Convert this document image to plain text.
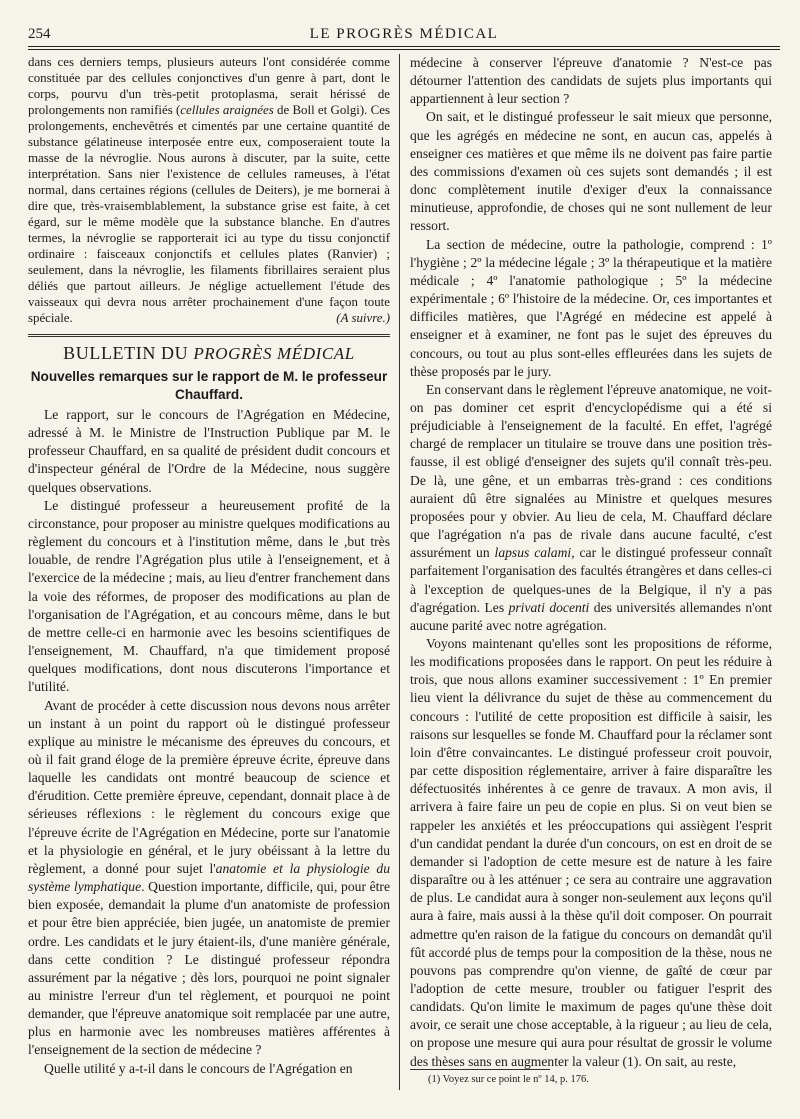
254	LE PROGRÈS MÉDICAL
dans ces derniers temps, plusieurs auteurs l'ont considérée comme constituée par des cellules conjonctives d'un genre à part, dont le corps, pourvu d'un très-petit protoplasma, serait hérissé de prolongements non ramifiés (cellules araignées de Boll et Golgi). Ces prolongements, enchevêtrés et cimentés par une certaine quantité de substance gélatineuse interposée entre eux, composeraient toute la masse de la névroglie. Nous aurons à discuter, par la suite, cette interprétation. Sans nier l'existence de cellules rameuses, à l'état normal, dans certaines régions (cellules de Deiters), je me bornerai à dire que, très-vraisemblablement, la substance grise est faite, à cet égard, sur le même modèle que la substance blanche. En d'autres termes, la névroglie se rapporterait ici au type du tissu conjonctif ordinaire : faisceaux conjonctifs et cellules plates (Ranvier) ; seulement, dans la névroglie, les filaments fibrillaires seraient plus déliés que partout ailleurs. Je néglige actuellement l'étude des vaisseaux qui devra nous arrêter prochainement d'une façon toute spéciale.	(A suivre.)
BULLETIN DU PROGRÈS MÉDICAL
Nouvelles remarques sur le rapport de M. le professeur Chauffard.

Le rapport, sur le concours de l'Agrégation en Médecine, adressé à M. le Ministre de l'Instruction Publique par M. le professeur Chauffard, en sa qualité de président dudit concours et d'inspecteur général de l'Ordre de la Médecine, nous suggère quelques observations.

Le distingué professeur a heureusement profité de la circonstance, pour proposer au ministre quelques modifications au règlement du concours et à l'institution même, dans le ,but très louable, de rendre l'Agrégation plus utile à l'enseignement, et à l'exercice de la médecine ; mais, au lieu d'entrer franchement dans la voie des réformes, de proposer des modifications au plan de l'organisation de l'Agrégation, et au concours même, dans le but de mettre celle-ci en harmonie avec les besoins scientifiques de l'enseignement, M. Chauffard, n'a que timidement proposé quelques modifications, dont nous discuterons l'importance et l'utilité.

Avant de procéder à cette discussion nous devons nous arrêter un instant à un point du rapport où le distingué professeur explique au ministre le mécanisme des épreuves du concours, et où il fait grand éloge de la première épreuve écrite, épreuve dans laquelle les candidats ont montré beaucoup de science et d'érudition. Cette première épreuve, cependant, donnait place à de sérieuses réflexions : le règlement du concours exige que l'épreuve écrite de l'Agrégation en Médecine, porte sur l'anatomie et la physiologie en général, et le jury obéissant à la lettre du règlement, a donné pour sujet l'anatomie et la physiologie du système lymphatique. Question importante, difficile, qui, pour être bien exposée, demandait la plume d'un anatomiste de profession et pour être bien appréciée, bien jugée, un anatomiste de premier ordre. Les candidats et le jury étaient-ils, d'une manière générale, dans cette condition ? Le distingué professeur répondra assurément par la négative ; dès lors, pourquoi ne point signaler au ministre l'erreur d'un tel règlement, et pourquoi ne point demander, que l'épreuve anatomique soit remplacée par une autre, plus en harmonie avec les nombreuses matières afférentes à l'enseignement de la section de médecine ?

Quelle utilité y a-t-il dans le concours de l'Agrégation en

médecine à conserver l'épreuve d'anatomie ? N'est-ce pas détourner l'attention des candidats de sujets plus importants qui appartiennent à leur section ?

On sait, et le distingué professeur le sait mieux que personne, que les agrégés en médecine ne sont, en aucun cas, appelés à enseigner ces matières et que même ils ne doivent pas faire partie des commissions d'examen où ces sujets sont demandés ; il est donc complètement inutile d'exiger d'eux la connaissance minutieuse, approfondie, de choses qui ne sont nullement de leur ressort.

La section de médecine, outre la pathologie, comprend : 1º l'hygiène ; 2º la médecine légale ; 3º la thérapeutique et la matière médicale ; 4º l'anatomie pathologique ; 5º la médecine expérimentale ; 6º l'histoire de la médecine. Or, ces importantes et difficiles matières, que l'Agrégé en médecine est appelé à enseigner et à examiner, ne font pas le sujet des épreuves du concours, ou tout au plus sont-elles effleurées dans les sujets de thèse proposés par le jury.

En conservant dans le règlement l'épreuve anatomique, ne voit-on pas dominer cet esprit d'encyclopédisme qui a été si préjudiciable à l'enseignement de la faculté. En effet, l'agrégé chargé de remplacer un titulaire se trouve dans une position très-fausse, il est obligé d'enseigner des sujets qu'il connaît très-peu. De là, une gêne, et un embarras très-grand : ces conditions auraient dû être signalées au Ministre et quelques mesures proposées pour y obvier. Au lieu de cela, M. Chauffard déclare que l'agrégation n'a pas de rivale dans aucune faculté, c'est assurément un lapsus calami, car le distingué professeur connaît parfaitement l'organisation des facultés étrangères et dans celles-ci à l'exception de quelques-unes de la Belgique, il n'y a pas d'agrégation. Les privati docenti des universités allemandes n'ont aucune parité avec notre agrégation.

Voyons maintenant qu'elles sont les propositions de réforme, les modifications proposées dans le rapport. On peut les réduire à trois, que nous allons examiner successivement : 1º En premier lieu vient la délivrance du sujet de thèse au commencement du concours : l'utilité de cette proposition est difficile à saisir, les raisons sur lesquelles se fonde M. Chauffard pour la réclamer sont loin d'être convaincantes. Le distingué professeur croit pouvoir, par cette disposition réglementaire, arriver à faire disparaître les défectuosités inhérentes à ce genre de travaux. A mon avis, il arrivera à faire faire un peu de copie en plus. Si on veut bien se rappeler les anxiétés et les préoccupations qui assiègent l'esprit d'un candidat pendant la durée d'un concours, on est en droit de se demander si l'adoption de cette mesure est de nature à les faire disparaître ou à les atténuer ; ce sera au contraire une aggravation de plus. Le candidat aura à songer non-seulement aux leçons qu'il aura à faire, mais aussi à la thèse qu'il doit composer. On pourrait admettre qu'en raison de la fatigue du concours on demandât qu'il fût accordé plus de temps pour la composition de la thèse, nous ne pouvons pas comprendre qu'on vienne, de gaîté de cœur par l'adoption de cette mesure, troubler ou fatiguer l'esprit des candidats. Qu'on limite le maximum de pages qu'une thèse doit avoir, ce serait une chose acceptable, à la rigueur ; au lieu de cela, on propose une mesure qui aura pour résultat de grossir le volume des thèses sans en augmenter la valeur (1). On sait, au reste,

(1) Voyez sur ce point le nº 14, p. 176.
